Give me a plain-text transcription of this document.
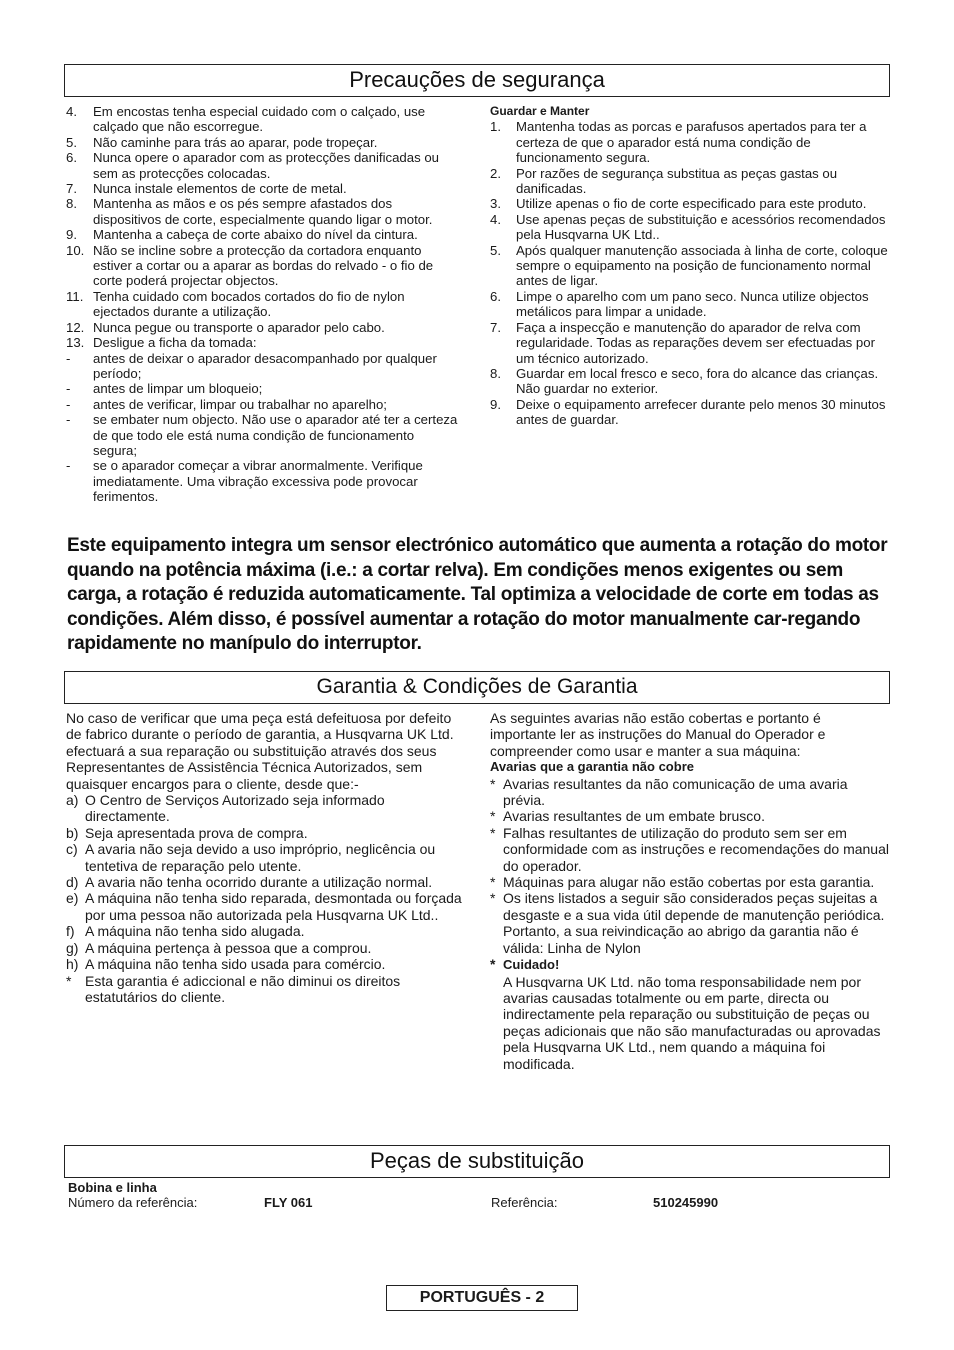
Precauções de segurança
4.	Em encostas tenha especial cuidado com o calçado, use calçado que não escorregue.
5.	Não caminhe para trás ao aparar, pode tropeçar.
6.	Nunca opere o aparador com as protecções danificadas ou sem as protecções colocadas.
7.	Nunca instale elementos de corte de metal.
8.	Mantenha as mãos e os pés sempre afastados dos dispositivos de corte, especialmente quando ligar o motor.
9.	Mantenha a cabeça de corte abaixo do nível da cintura.
10. Não se incline sobre a protecção da cortadora enquanto estiver a cortar ou a aparar as bordas do relvado - o fio de corte poderá projectar objectos.
11. Tenha cuidado com bocados cortados do fio de nylon ejectados durante a utilização.
12. Nunca pegue ou transporte o aparador pelo cabo.
13. Desligue a ficha da tomada:
-	antes de deixar o aparador desacompanhado por qualquer período;
-	antes de limpar um bloqueio;
-	antes de verificar, limpar ou trabalhar no aparelho;
-	se embater num objecto. Não use o aparador até ter a certeza de que todo ele está numa condição de funcionamento segura;
-	se o aparador começar a vibrar anormalmente. Verifique imediatamente. Uma vibração excessiva pode provocar ferimentos.
Guardar e Manter
1.	Mantenha todas as porcas e parafusos apertados para ter a certeza de que o aparador está numa condição de funcionamento segura.
2.	Por razões de segurança substitua as peças gastas ou danificadas.
3.	Utilize apenas o fio de corte especificado para este produto.
4.	Use apenas peças de substituição e acessórios recomendados pela Husqvarna UK Ltd..
5.	Após qualquer manutenção associada à linha de corte, coloque sempre o equipamento na posição de funcionamento normal antes de ligar.
6.	Limpe o aparelho com um pano seco. Nunca utilize objectos metálicos para limpar a unidade.
7.	Faça a inspecção e manutenção do aparador de relva com regularidade. Todas as reparações devem ser efectuadas por um técnico autorizado.
8.	Guardar em local fresco e seco, fora do alcance das crianças. Não guardar no exterior.
9.	Deixe o equipamento arrefecer durante pelo menos 30 minutos antes de guardar.
Este equipamento integra um sensor electrónico automático que aumenta a rotação do motor quando na potência máxima (i.e.: a cortar relva). Em condições menos exigentes ou sem carga, a rotação é reduzida automaticamente. Tal optimiza a velocidade de corte em todas as condições. Além disso, é possível aumentar a rotação do motor manualmente car-regando rapidamente no manípulo do interruptor.
Garantia & Condições de Garantia
No caso de verificar que uma peça está defeituosa por defeito de fabrico durante o período de garantia, a Husqvarna UK Ltd. efectuará a sua reparação ou substituição através dos seus Representantes de Assistência Técnica Autorizados, sem quaisquer encargos para o cliente, desde que:-
a) O Centro de Serviços Autorizado seja informado directamente.
b) Seja apresentada prova de compra.
c) A avaria não seja devido a uso impróprio, neglicência ou tentetiva de reparação pelo utente.
d) A avaria não tenha ocorrido durante a utilização normal.
e) A máquina não tenha sido reparada, desmontada ou forçada por uma pessoa não autorizada pela Husqvarna UK Ltd..
f) A máquina não tenha sido alugada.
g) A máquina pertença à pessoa que a comprou.
h) A máquina não tenha sido usada para comércio.
* Esta garantia é adiccional e não diminui os direitos estatutários do cliente.
As seguintes avarias não estão cobertas e portanto é importante ler as instruções do Manual do Operador e compreender como usar e manter a sua máquina:
Avarias que a garantia não cobre
* Avarias resultantes da não comunicação de uma avaria prévia.
* Avarias resultantes de um embate brusco.
* Falhas resultantes de utilização do produto sem ser em conformidade com as instruções e recomendações do manual do operador.
* Máquinas para alugar não estão cobertas por esta garantia.
* Os itens listados a seguir são considerados peças sujeitas a desgaste e a sua vida útil depende de manutenção periódica. Portanto, a sua reivindicação ao abrigo da garantia não é válida: Linha de Nylon
* Cuidado!
A Husqvarna UK Ltd. não toma responsabilidade nem por avarias causadas totalmente ou em parte, directa ou indirectamente pela reparação ou substituição de peças ou peças adicionais que não são manufacturadas ou aprovadas pela Husqvarna UK Ltd., nem quando a máquina foi modificada.
Peças de substituição
Bobina e linha
Número da referência:	FLY 061	Referência:	510245990
PORTUGUÊS - 2
